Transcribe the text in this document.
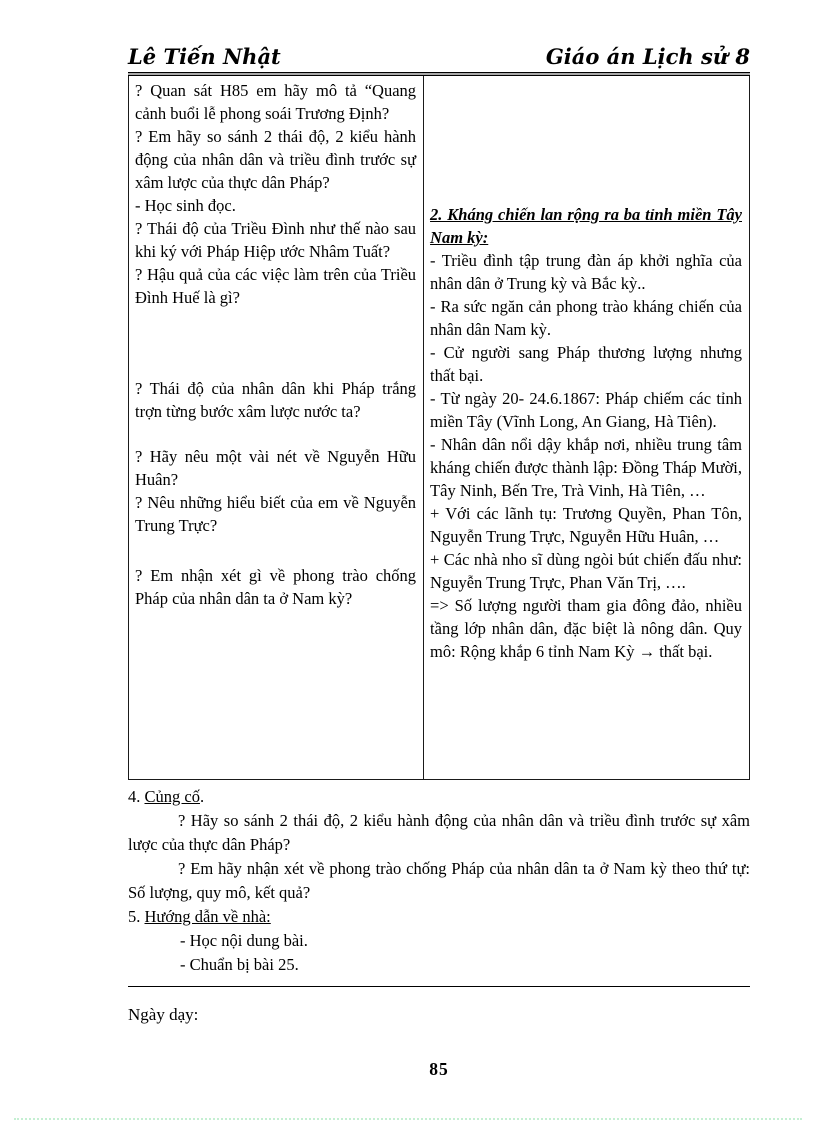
Lê Tiến Nhật	Giáo án Lịch sử 8

? Quan sát H85 em hãy mô tả “Quang cảnh buổi lễ phong soái Trương Định?

? Em hãy so sánh 2 thái độ, 2 kiểu hành động của nhân dân và triều đình trước sự xâm lược của thực dân Pháp?

- Học sinh đọc.

? Thái độ của Triều Đình như thế nào sau khi ký với Pháp Hiệp ước Nhâm Tuất?

? Hậu quả của các việc làm trên của Triều Đình Huế là gì?

? Thái độ của nhân dân khi Pháp trắng trợn từng bước xâm lược nước ta?

? Hãy nêu một vài nét về Nguyễn Hữu Huân?

? Nêu những hiểu biết của em về Nguyễn Trung Trực?

? Em nhận xét gì về phong trào chống Pháp của nhân dân ta ở Nam kỳ?

2. Kháng chiến lan rộng ra ba tỉnh miền Tây Nam kỳ:

- Triều đình tập trung đàn áp khởi nghĩa của nhân dân ở Trung kỳ và Bắc kỳ..

- Ra sức ngăn cản phong trào kháng chiến của nhân dân Nam kỳ.

- Cử người sang Pháp thương lượng nhưng thất bại.

- Từ ngày 20- 24.6.1867: Pháp chiếm các tỉnh miền Tây (Vĩnh Long, An Giang, Hà Tiên).

- Nhân dân nổi dậy khắp nơi, nhiều trung tâm kháng chiến được thành lập: Đồng Tháp Mười, Tây Ninh, Bến Tre, Trà Vinh, Hà Tiên, …

+ Với các lãnh tụ: Trương Quyền, Phan Tôn, Nguyễn Trung Trực, Nguyễn Hữu Huân, …

+ Các nhà nho sĩ dùng ngòi bút chiến đấu như: Nguyễn Trung Trực, Phan Văn Trị, ….

=> Số lượng người tham gia đông đảo, nhiều tầng lớp nhân dân, đặc biệt là nông dân. Quy mô: Rộng khắp 6 tỉnh Nam Kỳ → thất bại.

4. Củng cố.

? Hãy so sánh 2 thái độ, 2 kiểu hành động của nhân dân và triều đình trước sự xâm lược của thực dân Pháp?

? Em hãy nhận xét về phong trào chống Pháp của nhân dân ta ở Nam kỳ theo thứ tự: Số lượng, quy mô, kết quả?

5. Hướng dẫn về nhà:

- Học nội dung bài.

- Chuẩn bị bài 25.

Ngày dạy:

85
